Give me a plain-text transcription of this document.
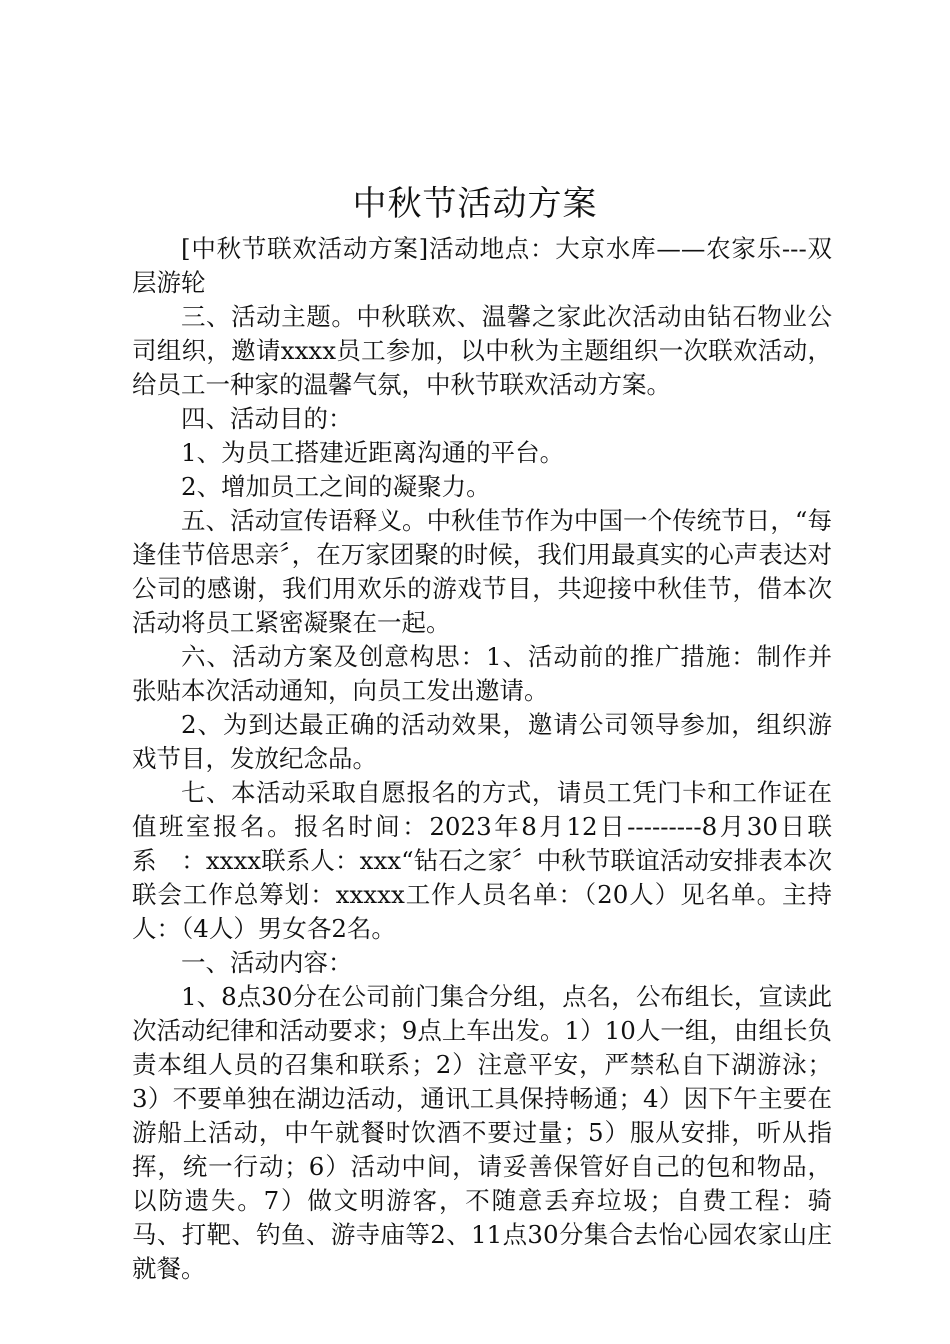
中秋节活动方案

[中秋节联欢活动方案]活动地点：大京水库——农家乐---双层游轮

三、活动主题。中秋联欢、温馨之家此次活动由钻石物业公司组织，邀请xxxx员工参加，以中秋为主题组织一次联欢活动，给员工一种家的温馨气氛，中秋节联欢活动方案。

四、活动目的：

1、为员工搭建近距离沟通的平台。

2、增加员工之间的凝聚力。

五、活动宣传语释义。中秋佳节作为中国一个传统节日，“每逢佳节倍思亲〞，在万家团聚的时候，我们用最真实的心声表达对公司的感谢，我们用欢乐的游戏节目，共迎接中秋佳节，借本次活动将员工紧密凝聚在一起。

六、活动方案及创意构思：1、活动前的推广措施：制作并张贴本次活动通知，向员工发出邀请。

2、为到达最正确的活动效果，邀请公司领导参加，组织游戏节目，发放纪念品。

七、本活动采取自愿报名的方式，请员工凭门卡和工作证在值班室报名。报名时间：2023年8月12日---------8月30日联系　：xxxx联系人：xxx“钻石之家〞中秋节联谊活动安排表本次联会工作总筹划：xxxxx工作人员名单：（20人）见名单。主持人：（4人）男女各2名。

一、活动内容：

1、8点30分在公司前门集合分组，点名，公布组长，宣读此次活动纪律和活动要求；9点上车出发。1）10人一组，由组长负责本组人员的召集和联系；2）注意平安，严禁私自下湖游泳；3）不要单独在湖边活动，通讯工具保持畅通；4）因下午主要在游船上活动，中午就餐时饮酒不要过量；5）服从安排，听从指挥，统一行动；6）活动中间，请妥善保管好自己的包和物品，以防遗失。7）做文明游客，不随意丢弃垃圾；自费工程：骑马、打靶、钓鱼、游寺庙等2、11点30分集合去怡心园农家山庄就餐。
